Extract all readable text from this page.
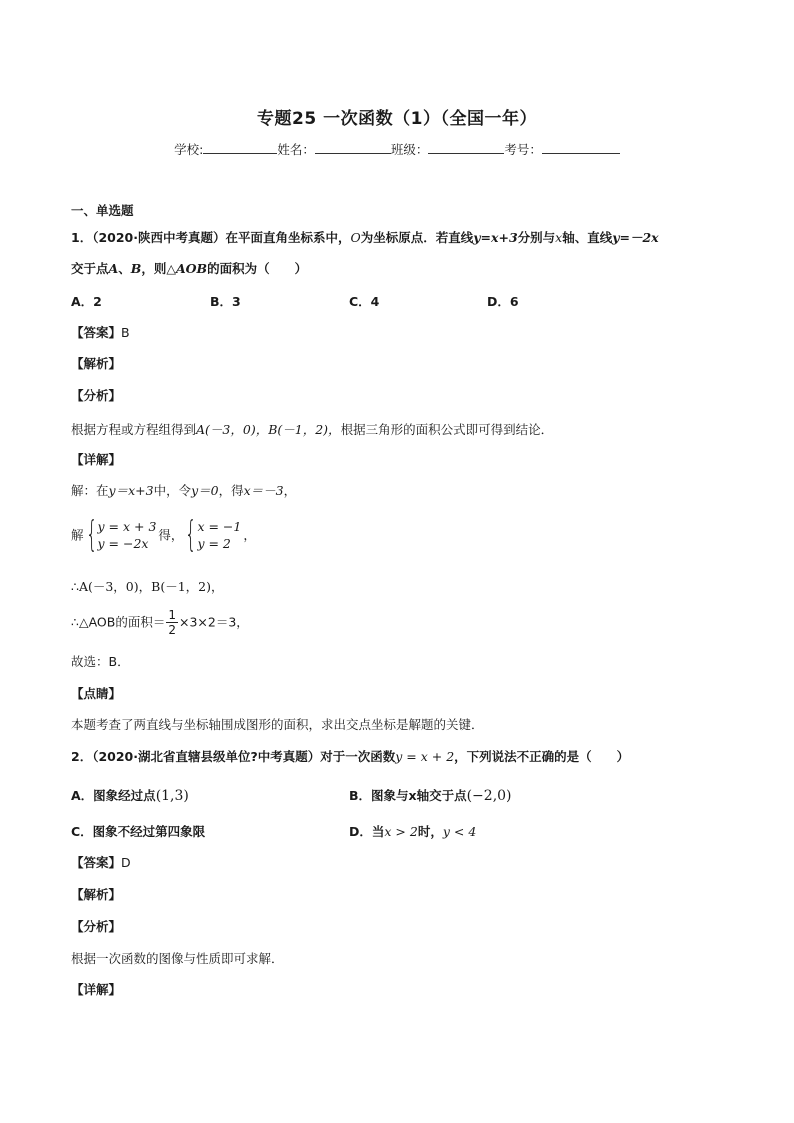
专题25 一次函数（1）（全国一年）
学校:	姓名：	班级：	考号：
一、单选题
1．（2020·陕西中考真题）在平面直角坐标系中，O为坐标原点．若直线y=x+3分别与x轴、直线y=－2x
交于点A、B，则△AOB的面积为（　　）
A．2	B．3	C．4	D．6
【答案】B
【解析】
【分析】
根据方程或方程组得到A(－3，0)，B(－1，2)，根据三角形的面积公式即可得到结论．
【详解】
解：在y＝x+3中，令y＝0，得x＝－3，
解 { y = x + 3
y = −2x
得， { x = −1
y = 2
，
∴A(－3，0)，B(－1，2)，
∴△AOB的面积＝ $\frac{1}{2} \times 3\times 2=3$，
故选：B．
【点睛】
本题考查了两直线与坐标轴围成图形的面积，求出交点坐标是解题的关键．
2．（2020·湖北省直辖县级单位?中考真题）对于一次函数y = x + 2，下列说法不正确的是（　　）
A．图象经过点(1,3)	B．图象与x轴交于点(−2,0)
C．图象不经过第四象限	D．当x > 2时，y < 4
【答案】D
【解析】
【分析】
根据一次函数的图像与性质即可求解．
【详解】
